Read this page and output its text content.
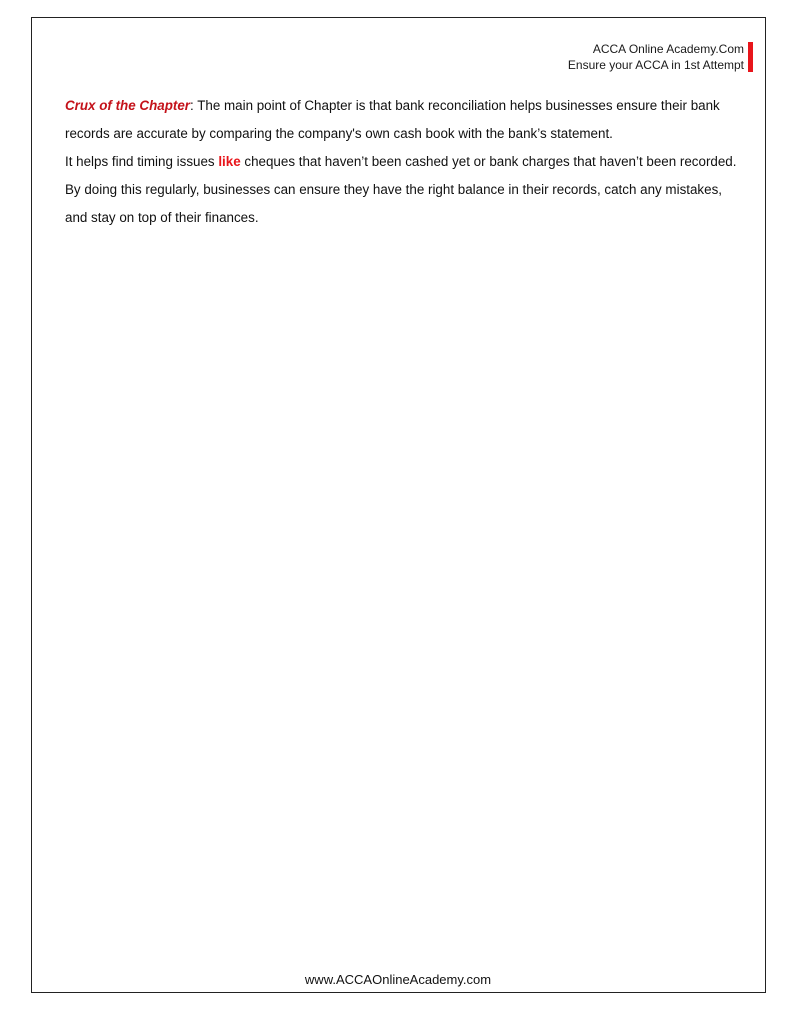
ACCA Online Academy.Com
Ensure your ACCA in 1st Attempt

Crux of the Chapter: The main point of Chapter is that bank reconciliation helps businesses ensure their bank records are accurate by comparing the company's own cash book with the bank’s statement.

It helps find timing issues like cheques that haven’t been cashed yet or bank charges that haven’t been recorded. By doing this regularly, businesses can ensure they have the right balance in their records, catch any mistakes, and stay on top of their finances.

www.ACCAOnlineAcademy.com
